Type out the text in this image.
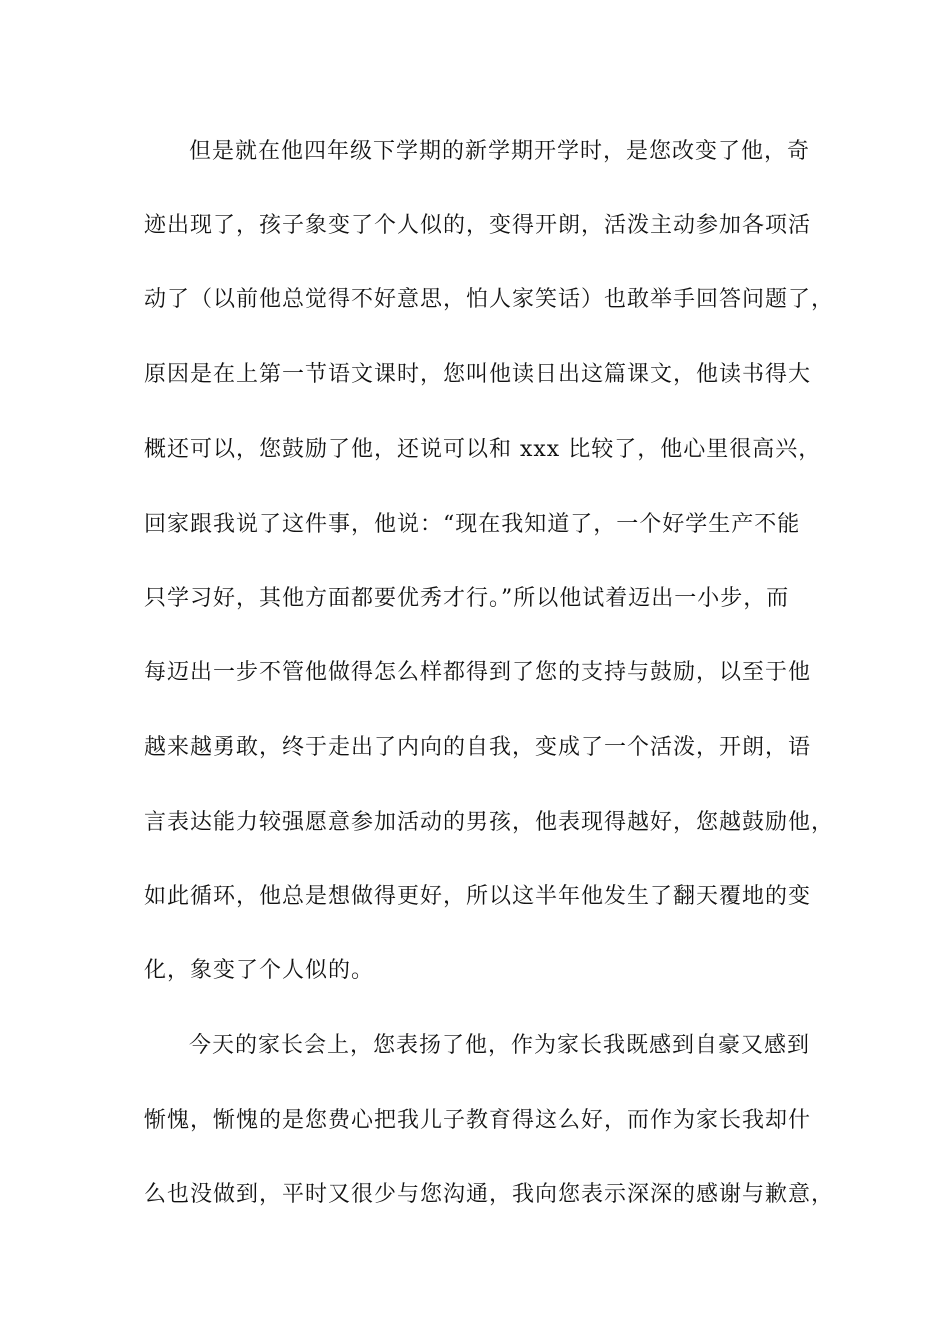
但是就在他四年级下学期的新学期开学时，是您改变了他，奇
迹出现了，孩子象变了个人似的，变得开朗，活泼主动参加各项活
动了（以前他总觉得不好意思，怕人家笑话）也敢举手回答问题了，
原因是在上第一节语文课时，您叫他读日出这篇课文，他读书得大
概还可以，您鼓励了他，还说可以和 xxx 比较了，他心里很高兴，
回家跟我说了这件事，他说：“现在我知道了，一个好学生产不能
只学习好，其他方面都要优秀才行。”所以他试着迈出一小步，而
每迈出一步不管他做得怎么样都得到了您的支持与鼓励，以至于他
越来越勇敢，终于走出了内向的自我，变成了一个活泼，开朗，语
言表达能力较强愿意参加活动的男孩，他表现得越好，您越鼓励他，
如此循环，他总是想做得更好，所以这半年他发生了翻天覆地的变
化，象变了个人似的。
今天的家长会上，您表扬了他，作为家长我既感到自豪又感到
惭愧，惭愧的是您费心把我儿子教育得这么好，而作为家长我却什
么也没做到，平时又很少与您沟通，我向您表示深深的感谢与歉意，
